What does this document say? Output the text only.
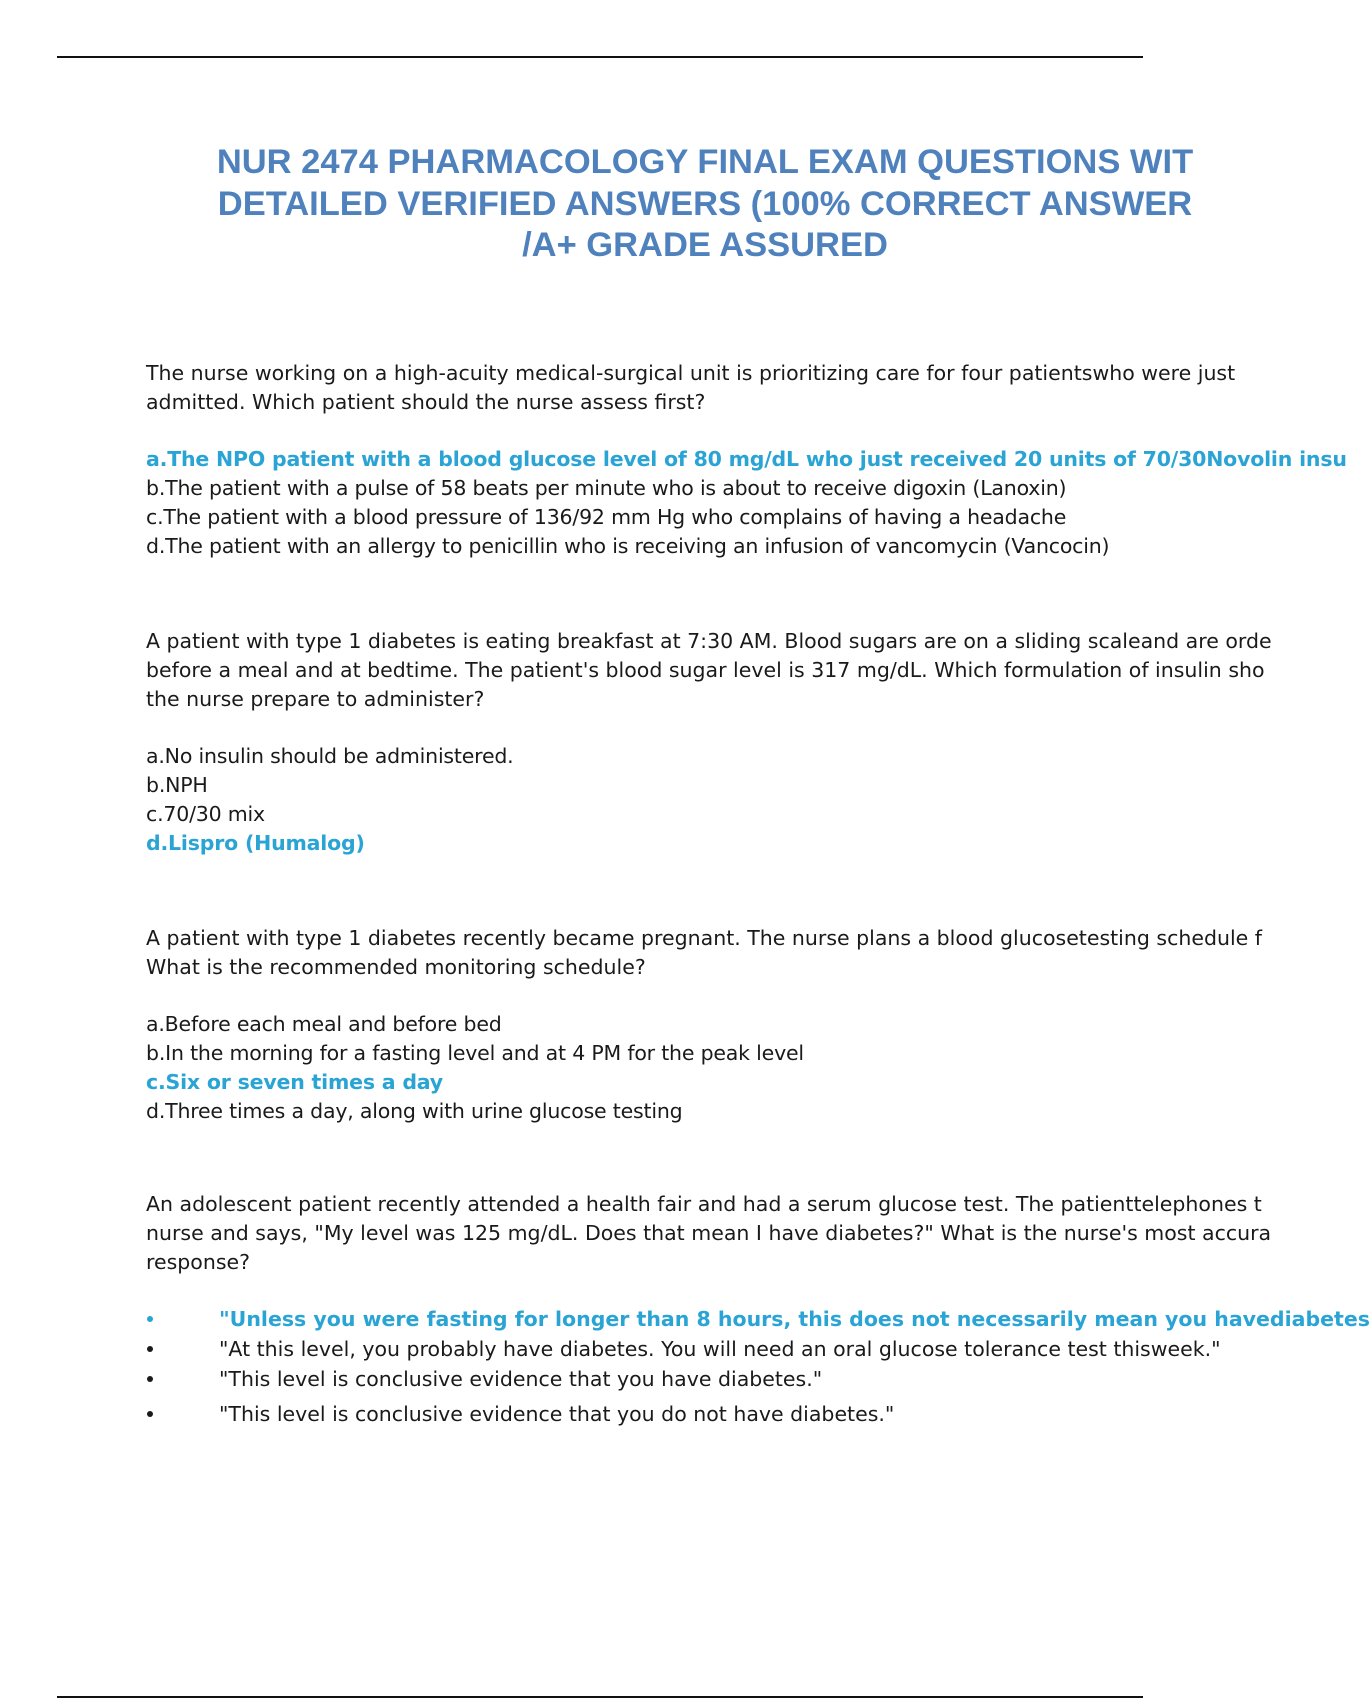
NUR 2474 PHARMACOLOGY FINAL EXAM QUESTIONS WIT
DETAILED VERIFIED ANSWERS (100% CORRECT ANSWER
/A+ GRADE ASSURED
The nurse working on a high-acuity medical-surgical unit is prioritizing care for four patientswho were just
admitted. Which patient should the nurse assess first?
a.The NPO patient with a blood glucose level of 80 mg/dL who just received 20 units of 70/30Novolin insu
b.The patient with a pulse of 58 beats per minute who is about to receive digoxin (Lanoxin)
c.The patient with a blood pressure of 136/92 mm Hg who complains of having a headache
d.The patient with an allergy to penicillin who is receiving an infusion of vancomycin (Vancocin)
A patient with type 1 diabetes is eating breakfast at 7:30 AM. Blood sugars are on a sliding scaleand are orde
before a meal and at bedtime. The patient's blood sugar level is 317 mg/dL. Which formulation of insulin sho
the nurse prepare to administer?
a.No insulin should be administered.
b.NPH
c.70/30 mix
d.Lispro (Humalog)
A patient with type 1 diabetes recently became pregnant. The nurse plans a blood glucosetesting schedule f
What is the recommended monitoring schedule?
a.Before each meal and before bed
b.In the morning for a fasting level and at 4 PM for the peak level
c.Six or seven times a day
d.Three times a day, along with urine glucose testing
An adolescent patient recently attended a health fair and had a serum glucose test. The patienttelephones t
nurse and says, "My level was 125 mg/dL. Does that mean I have diabetes?" What is the nurse's most accura
response?
"Unless you were fasting for longer than 8 hours, this does not necessarily mean you havediabetes
"At this level, you probably have diabetes. You will need an oral glucose tolerance test thisweek."
"This level is conclusive evidence that you have diabetes."
"This level is conclusive evidence that you do not have diabetes."
